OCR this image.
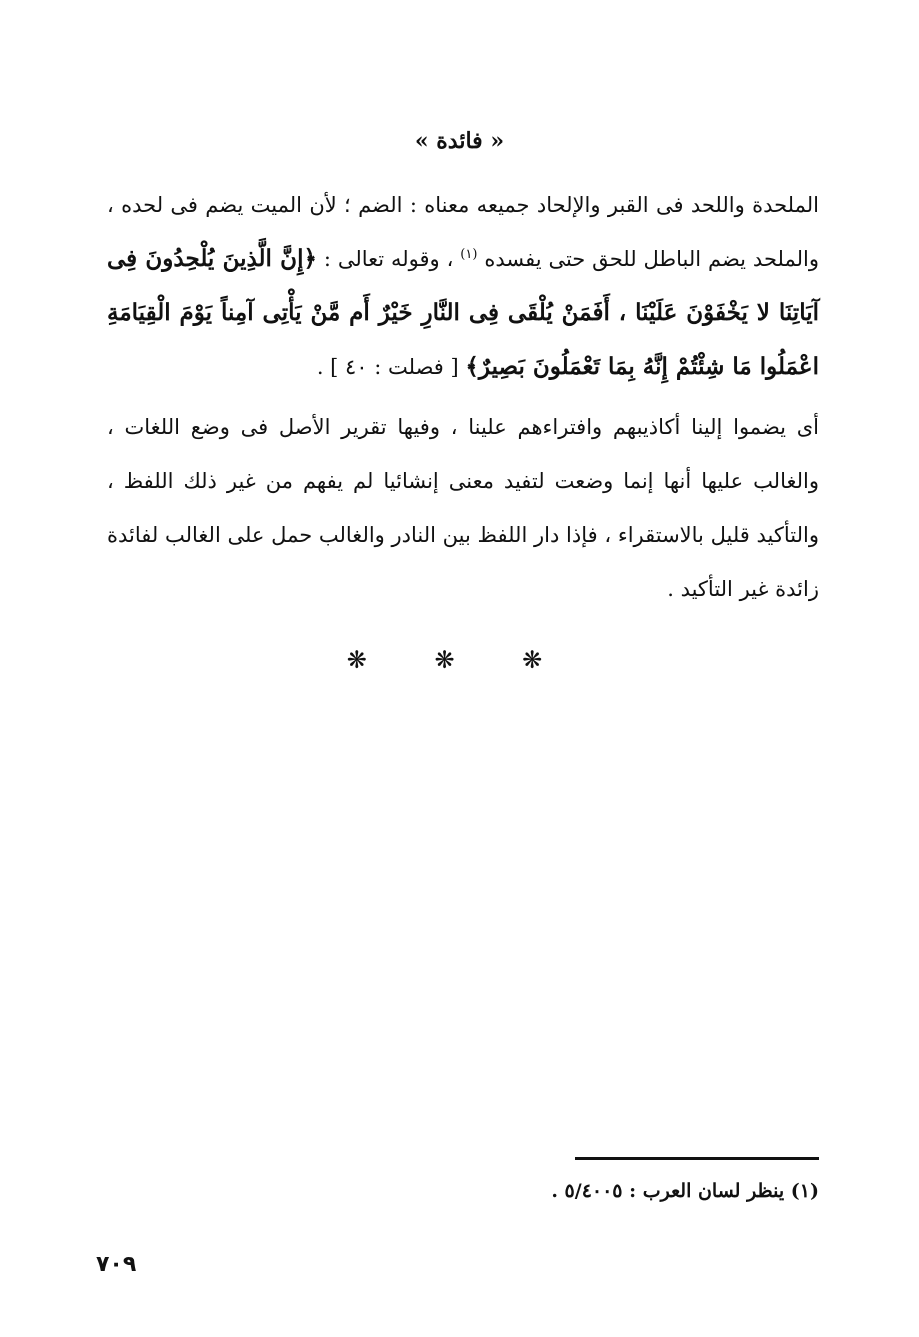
« فائدة »
الملحدة واللحد فى القبر والإلحاد جميعه معناه : الضم ؛ لأن الميت يضم فى لحده ، والملحد يضم الباطل للحق حتى يفسده $^{(١)}$ ، وقوله تعالى : ﴿إِنَّ الَّذِينَ يُلْحِدُونَ فِى آيَاتِنَا لا يَخْفَوْنَ عَلَيْنَا ، أَفَمَنْ يُلْقَى فِى النَّارِ خَيْرٌ أَم مَّنْ يَأْتِى آمِناً يَوْمَ الْقِيَامَةِ اعْمَلُوا مَا شِئْتُمْ إِنَّهُ بِمَا تَعْمَلُونَ بَصِيرٌ﴾ [ فصلت : ٤٠ ] .
أى يضموا إلينا أكاذيبهم وافتراءهم علينا ، وفيها تقرير الأصل فى وضع اللغات ، والغالب عليها أنها إنما وضعت لتفيد معنى إنشائيا لم يفهم من غير ذلك اللفظ ، والتأكيد قليل بالاستقراء ، فإذا دار اللفظ بين النادر والغالب حمل على الغالب لفائدة زائدة غير التأكيد .
❋ ❋ ❋
(١) ينظر لسان العرب : ٥/٤٠٠٥ .
٧٠٩
